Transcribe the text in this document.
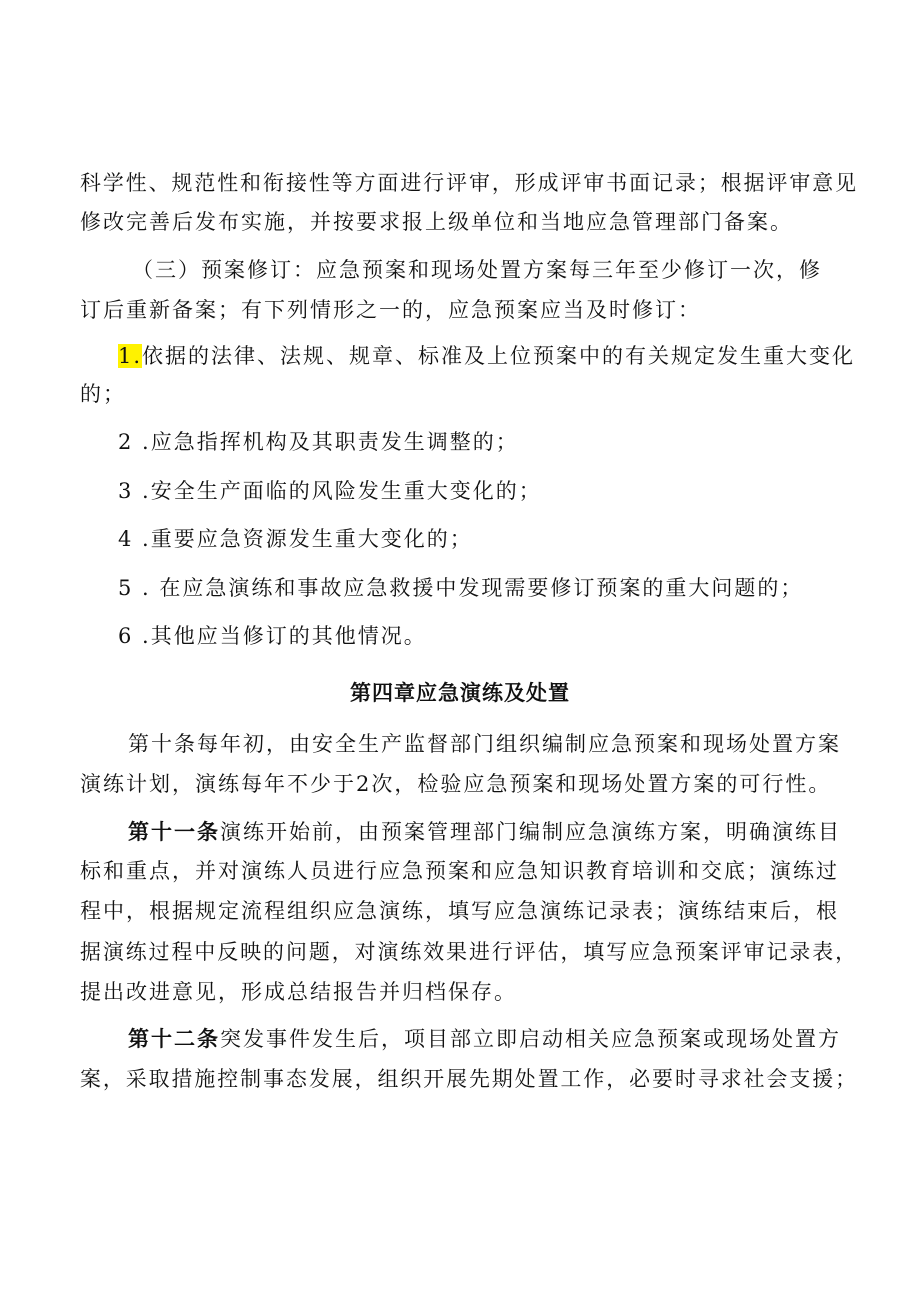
科学性、规范性和衔接性等方面进行评审，形成评审书面记录；根据评审意见
修改完善后发布实施，并按要求报上级单位和当地应急管理部门备案。
（三）预案修订：应急预案和现场处置方案每三年至少修订一次，修
订后重新备案；有下列情形之一的，应急预案应当及时修订：
1.依据的法律、法规、规章、标准及上位预案中的有关规定发生重大变化
的；
2 .应急指挥机构及其职责发生调整的；
3 .安全生产面临的风险发生重大变化的；
4 .重要应急资源发生重大变化的；
5 . 在应急演练和事故应急救援中发现需要修订预案的重大问题的；
6 .其他应当修订的其他情况。
第四章应急演练及处置
第十条每年初，由安全生产监督部门组织编制应急预案和现场处置方案
演练计划，演练每年不少于2次，检验应急预案和现场处置方案的可行性。
第十一条演练开始前，由预案管理部门编制应急演练方案，明确演练目
标和重点，并对演练人员进行应急预案和应急知识教育培训和交底；演练过
程中，根据规定流程组织应急演练，填写应急演练记录表；演练结束后，根
据演练过程中反映的问题，对演练效果进行评估，填写应急预案评审记录表，
提出改进意见，形成总结报告并归档保存。
第十二条突发事件发生后，项目部立即启动相关应急预案或现场处置方
案，采取措施控制事态发展，组织开展先期处置工作，必要时寻求社会支援；
